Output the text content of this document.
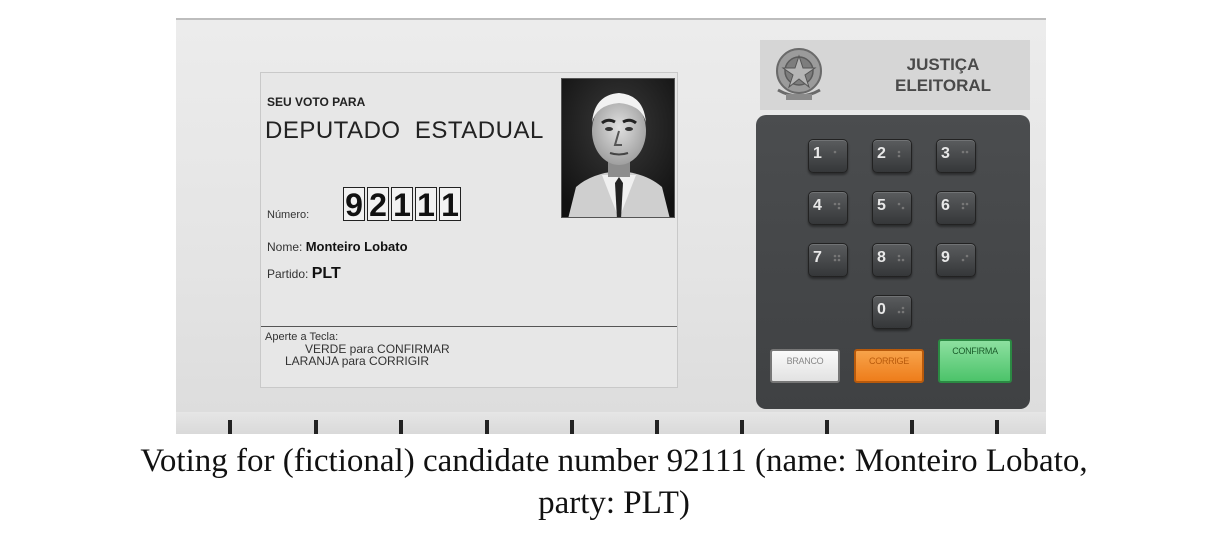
SEU VOTO PARA
DEPUTADO  ESTADUAL
Número: 9 2 1 1 1
Nome: Monteiro Lobato
Partido: PLT
Aperte a Tecla:
VERDE para CONFIRMAR
LARANJA para CORRIGIR
JUSTIÇA
ELEITORAL
1	2	3
4	5	6
7	8	9
0
BRANCO	CORRIGE
CONFIRMA
Voting for (fictional) candidate number 92111 (name: Monteiro Lobato,
party: PLT)
